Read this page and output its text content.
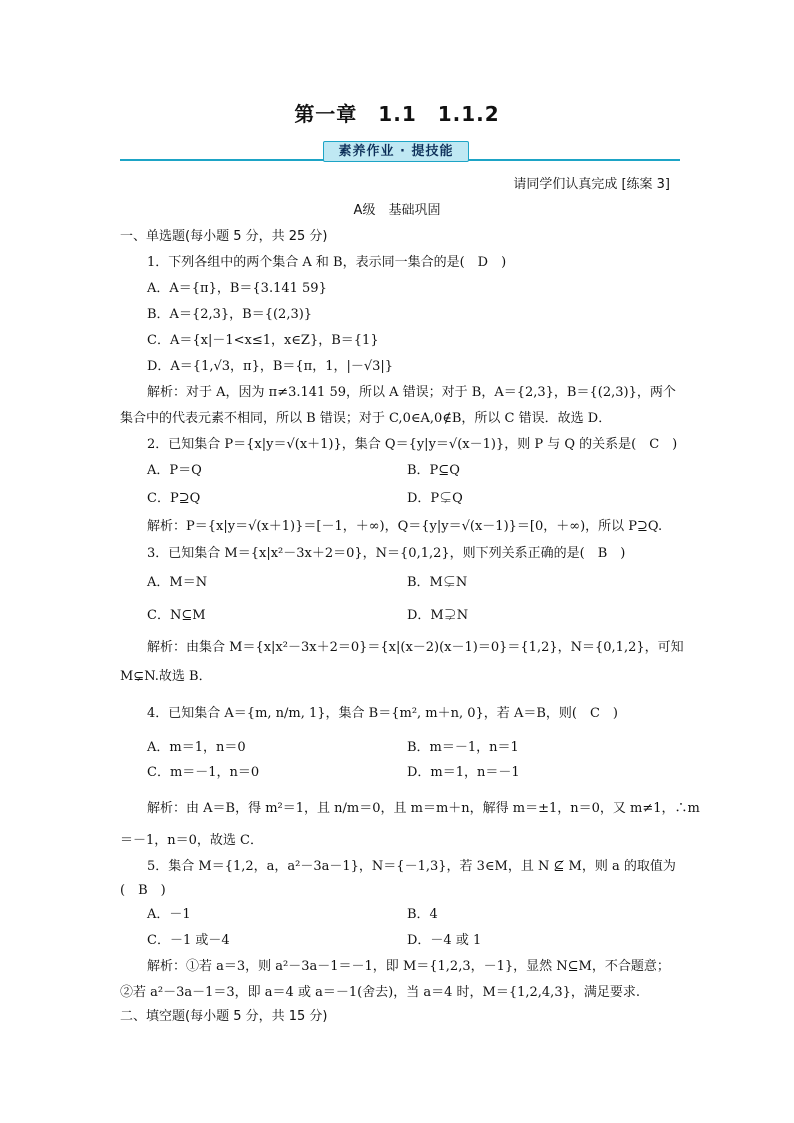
第一章　1.1　1.1.2
素养作业 · 提技能
请同学们认真完成 [练案 3]
A级　基础巩固
一、单选题(每小题 5 分，共 25 分)
1．下列各组中的两个集合 A 和 B，表示同一集合的是(　D　)
A．A＝{π}，B＝{3.141 59}
B．A＝{2,3}，B＝{(2,3)}
C．A＝{x|－1<x≤1，x∈Z}，B＝{1}
D．A＝{1,√3，π}，B＝{π，1，|－√3|}
解析：对于 A，因为 π≠3.141 59，所以 A 错误；对于 B，A＝{2,3}，B＝{(2,3)}，两个
集合中的代表元素不相同，所以 B 错误；对于 C,0∈A,0∉B，所以 C 错误．故选 D．
2．已知集合 P＝{x|y＝√(x＋1)}，集合 Q＝{y|y＝√(x－1)}，则 P 与 Q 的关系是(　C　)
A．P＝Q	B．P⊆Q
C．P⊇Q	D．P⊊Q
解析：P＝{x|y＝√(x＋1)}＝[－1，＋∞)，Q＝{y|y＝√(x－1)}＝[0，＋∞)，所以 P⊇Q.
3．已知集合 M＝{x|x²－3x＋2＝0}，N＝{0,1,2}，则下列关系正确的是(　B　)
A．M＝N	B．M⊊N
C．N⊆M	D．M⊋N
解析：由集合 M＝{x|x²－3x＋2＝0}＝{x|(x－2)(x－1)＝0}＝{1,2}，N＝{0,1,2}，可知
M⊊N.故选 B．
4．已知集合 A＝{m, n/m, 1}，集合 B＝{m², m＋n, 0}，若 A＝B，则(　C　)
A．m＝1，n＝0	B．m＝－1，n＝1
C．m＝－1，n＝0	D．m＝1，n＝－1
解析：由 A＝B，得 m²＝1，且 n/m＝0，且 m＝m＋n，解得 m＝±1，n＝0，又 m≠1，∴m
＝－1，n＝0，故选 C．
5．集合 M＝{1,2，a，a²－3a－1}，N＝{－1,3}，若 3∈M，且 N ⊈ M，则 a 的取值为
(　B　)
A．－1	B．4
C．－1 或－4	D．－4 或 1
解析：①若 a＝3，则 a²－3a－1＝－1，即 M＝{1,2,3，－1}，显然 N⊆M，不合题意；
②若 a²－3a－1＝3，即 a＝4 或 a＝－1(舍去)，当 a＝4 时，M＝{1,2,4,3}，满足要求.
二、填空题(每小题 5 分，共 15 分)
